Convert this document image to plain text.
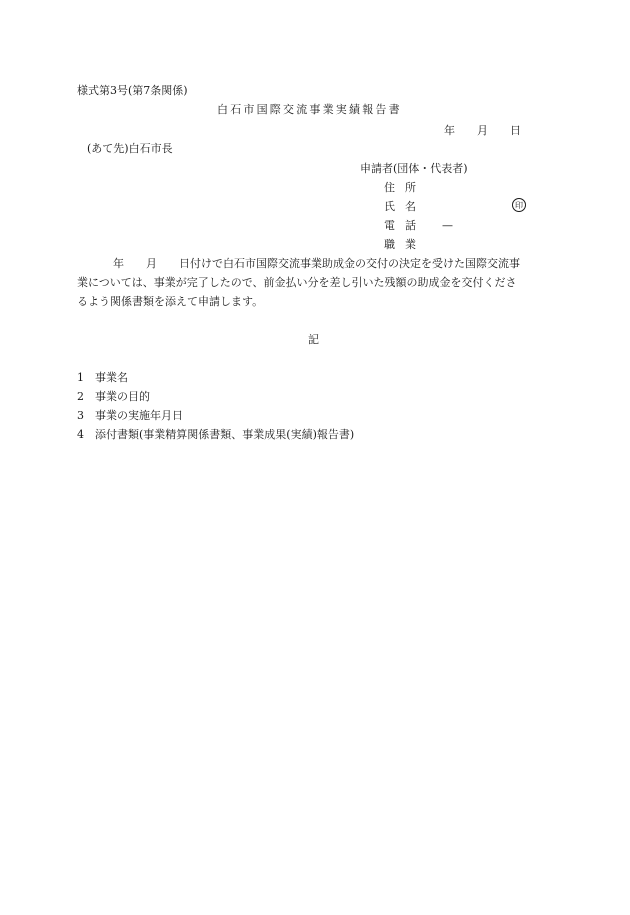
様式第3号(第7条関係)
白石市国際交流事業実績報告書
年 月 日
(あて先)白石市長
申請者(団体・代表者)
住 所
氏 名	印
電 話 —
職 業
年 月 日付けで白石市国際交流事業助成金の交付の決定を受けた国際交流事
業については、事業が完了したので、前金払い分を差し引いた残額の助成金を交付くださ
るよう関係書類を添えて申請します。
記
1 事業名
2 事業の目的
3 事業の実施年月日
4 添付書類(事業精算関係書類、事業成果(実績)報告書)
